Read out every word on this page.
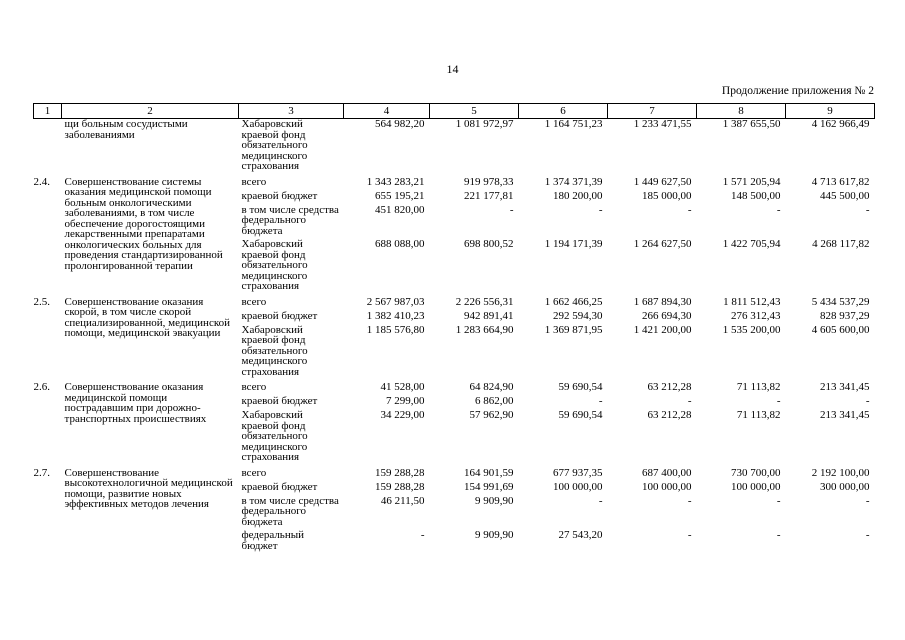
14
Продолжение приложения № 2
1	2	3	4	5	6	7	8	9
	щи больным сосудистыми заболеваниями	Хабаровский краевой фонд обязательного медицинского страхования	564 982,20	1 081 972,97	1 164 751,23	1 233 471,55	1 387 655,50	4 162 966,49
2.4.	Совершенствование системы оказания медицинской помощи больным онкологическими заболеваниями, в том числе обеспечение дорогостоящими лекарственными препаратами онкологических больных для проведения стандартизированной пролонгированной терапии	всего	1 343 283,21	919 978,33	1 374 371,39	1 449 627,50	1 571 205,94	4 713 617,82
		краевой бюджет	655 195,21	221 177,81	180 200,00	185 000,00	148 500,00	445 500,00
		в том числе средства федерального бюджета	451 820,00	-	-	-	-	-
		Хабаровский краевой фонд обязательного медицинского страхования	688 088,00	698 800,52	1 194 171,39	1 264 627,50	1 422 705,94	4 268 117,82
2.5.	Совершенствование оказания скорой, в том числе скорой специализированной, медицинской помощи, медицинской эвакуации	всего	2 567 987,03	2 226 556,31	1 662 466,25	1 687 894,30	1 811 512,43	5 434 537,29
		краевой бюджет	1 382 410,23	942 891,41	292 594,30	266 694,30	276 312,43	828 937,29
		Хабаровский краевой фонд обязательного медицинского страхования	1 185 576,80	1 283 664,90	1 369 871,95	1 421 200,00	1 535 200,00	4 605 600,00
2.6.	Совершенствование оказания медицинской помощи пострадавшим при дорожно-транспортных происшествиях	всего	41 528,00	64 824,90	59 690,54	63 212,28	71 113,82	213 341,45
		краевой бюджет	7 299,00	6 862,00	-	-	-	-
		Хабаровский краевой фонд обязательного медицинского страхования	34 229,00	57 962,90	59 690,54	63 212,28	71 113,82	213 341,45
2.7.	Совершенствование высокотехнологичной медицинской помощи, развитие новых эффективных методов лечения	всего	159 288,28	164 901,59	677 937,35	687 400,00	730 700,00	2 192 100,00
		краевой бюджет	159 288,28	154 991,69	100 000,00	100 000,00	100 000,00	300 000,00
		в том числе средства федерального бюджета	46 211,50	9 909,90	-	-	-	-
		федеральный бюджет	-	9 909,90	27 543,20	-	-	-
